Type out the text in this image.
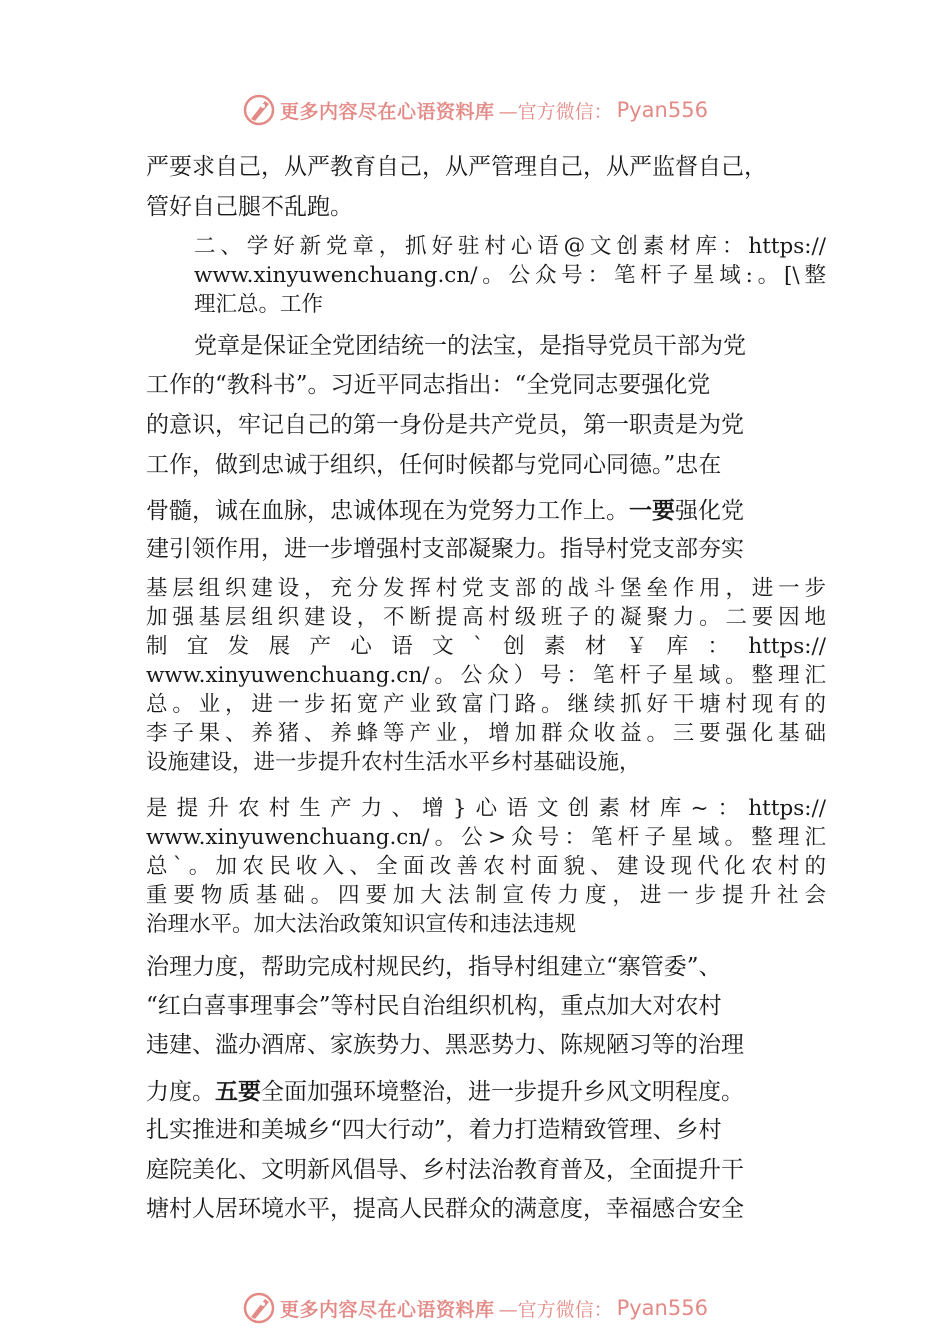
更多内容尽在心语资料库 —官方微信： Pyan556
严要求自己，从严教育自己，从严管理自己，从严监督自己，
管好自己腿不乱跑。
二、学好新党章，抓好驻村心语@文创素材库：https://
www.xinyuwenchuang.cn/。公众号：笔杆子星域:。[\整
理汇总。工作
党章是保证全党团结统一的法宝，是指导党员干部为党
工作的“教科书”。习近平同志指出：“全党同志要强化党
的意识，牢记自己的第一身份是共产党员，第一职责是为党
工作，做到忠诚于组织，任何时候都与党同心同德。”忠在
骨髓，诚在血脉，忠诚体现在为党努力工作上。一要强化党
建引领作用，进一步增强村支部凝聚力。指导村党支部夯实
基层组织建设，充分发挥村党支部的战斗堡垒作用，进一步
加强基层组织建设，不断提高村级班子的凝聚力。二要因地
制宜发展产心语文`创素材￥库：https://
www.xinyuwenchuang.cn/。公众）号：笔杆子星域。整理汇
总。业，进一步拓宽产业致富门路。继续抓好干塘村现有的
李子果、养猪、养蜂等产业，增加群众收益。三要强化基础
设施建设，进一步提升农村生活水平乡村基础设施，
是提升农村生产力、增}心语文创素材库~：https://
www.xinyuwenchuang.cn/。公>众号：笔杆子星域。整理汇
总`。加农民收入、全面改善农村面貌、建设现代化农村的
重要物质基础。四要加大法制宣传力度，进一步提升社会
治理水平。加大法治政策知识宣传和违法违规
治理力度，帮助完成村规民约，指导村组建立“寨管委”、
“红白喜事理事会”等村民自治组织机构，重点加大对农村
违建、滥办酒席、家族势力、黑恶势力、陈规陋习等的治理
力度。五要全面加强环境整治，进一步提升乡风文明程度。
扎实推进和美城乡“四大行动”，着力打造精致管理、乡村
庭院美化、文明新风倡导、乡村法治教育普及，全面提升干
塘村人居环境水平，提高人民群众的满意度，幸福感合安全
更多内容尽在心语资料库 —官方微信： Pyan556
